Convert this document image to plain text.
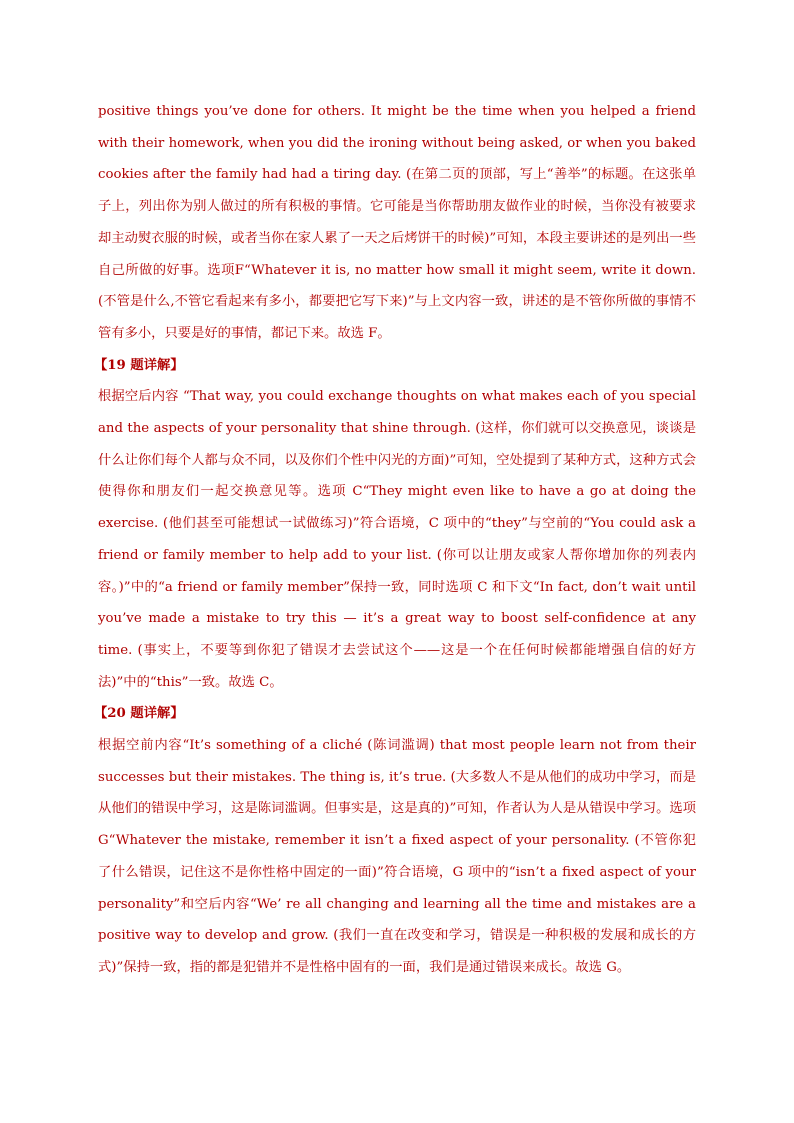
positive things you’ve done for others. It might be the time when you helped a friend with their homework, when you did the ironing without being asked, or when you baked cookies after the family had had a tiring day. (在第二页的顶部，写上“善举”的标题。在这张单子上，列出你为别人做过的所有积极的事情。它可能是当你帮助朋友做作业的时候，当你没有被要求却主动熨衣服的时候，或者当你在家人累了一天之后烤饼干的时候)”可知，本段主要讲述的是列出一些自己所做的好事。选项F“Whatever it is, no matter how small it might seem, write it down. (不管是什么,不管它看起来有多小，都要把它写下来)”与上文内容一致，讲述的是不管你所做的事情不管有多小，只要是好的事情，都记下来。故选 F。

【19 题详解】

根据空后内容 “That way, you could exchange thoughts on what makes each of you special and the aspects of your personality that shine through. (这样，你们就可以交换意见，谈谈是什么让你们每个人都与众不同，以及你们个性中闪光的方面)”可知，空处提到了某种方式，这种方式会使得你和朋友们一起交换意见等。选项 C“They might even like to have a go at doing the exercise. (他们甚至可能想试一试做练习)”符合语境，C 项中的“they”与空前的“You could ask a friend or family member to help add to your list. (你可以让朋友或家人帮你增加你的列表内容。)”中的“a friend or family member”保持一致，同时选项 C 和下文“In fact, don’t wait until you’ve made a mistake to try this — it’s a great way to boost self-confidence at any time. (事实上，不要等到你犯了错误才去尝试这个——这是一个在任何时候都能增强自信的好方法)”中的“this”一致。故选 C。

【20 题详解】

根据空前内容“It’s something of a cliché (陈词滥调) that most people learn not from their successes but their mistakes. The thing is, it’s true. (大多数人不是从他们的成功中学习，而是从他们的错误中学习，这是陈词滥调。但事实是，这是真的)”可知，作者认为人是从错误中学习。选项 G“Whatever the mistake, remember it isn’t a fixed aspect of your personality. (不管你犯了什么错误，记住这不是你性格中固定的一面)”符合语境，G 项中的“isn’t a fixed aspect of your personality”和空后内容“We’ re all changing and learning all the time and mistakes are a positive way to develop and grow. (我们一直在改变和学习，错误是一种积极的发展和成长的方式)”保持一致，指的都是犯错并不是性格中固有的一面，我们是通过错误来成长。故选 G。
